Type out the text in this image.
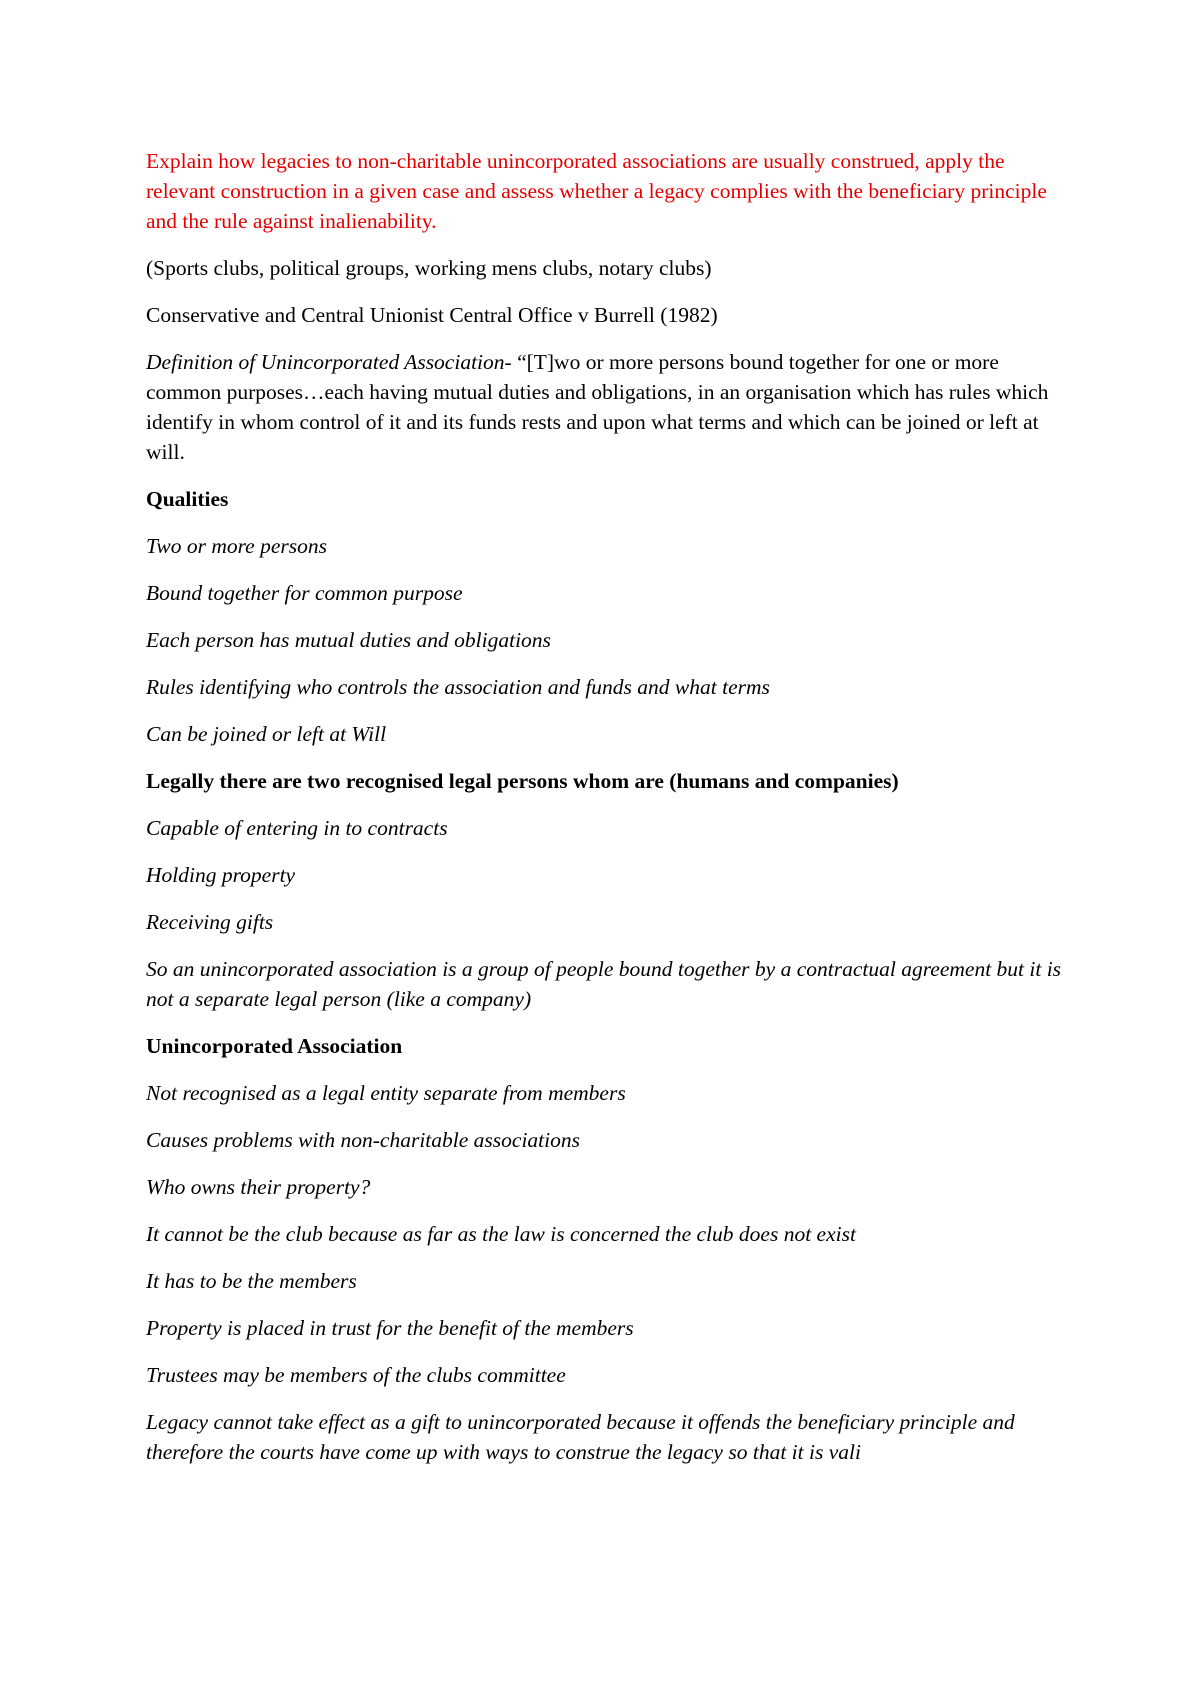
Explain how legacies to non-charitable unincorporated associations are usually construed, apply the relevant construction in a given case and assess whether a legacy complies with the beneficiary principle and the rule against inalienability.

(Sports clubs, political groups, working mens clubs, notary clubs)

Conservative and Central Unionist Central Office v Burrell (1982)

Definition of Unincorporated Association- “[T]wo or more persons bound together for one or more common purposes…each having mutual duties and obligations, in an organisation which has rules which identify in whom control of it and its funds rests and upon what terms and which can be joined or left at will.

Qualities

Two or more persons

Bound together for common purpose

Each person has mutual duties and obligations

Rules identifying who controls the association and funds and what terms

Can be joined or left at Will

Legally there are two recognised legal persons whom are (humans and companies)

Capable of entering in to contracts

Holding property

Receiving gifts

So an unincorporated association is a group of people bound together by a contractual agreement but it is not a separate legal person (like a company)

Unincorporated Association

Not recognised as a legal entity separate from members

Causes problems with non-charitable associations

Who owns their property?

It cannot be the club because as far as the law is concerned the club does not exist

It has to be the members

Property is placed in trust for the benefit of the members

Trustees may be members of the clubs committee

Legacy cannot take effect as a gift to unincorporated because it offends the beneficiary principle and therefore the courts have come up with ways to construe the legacy so that it is vali
